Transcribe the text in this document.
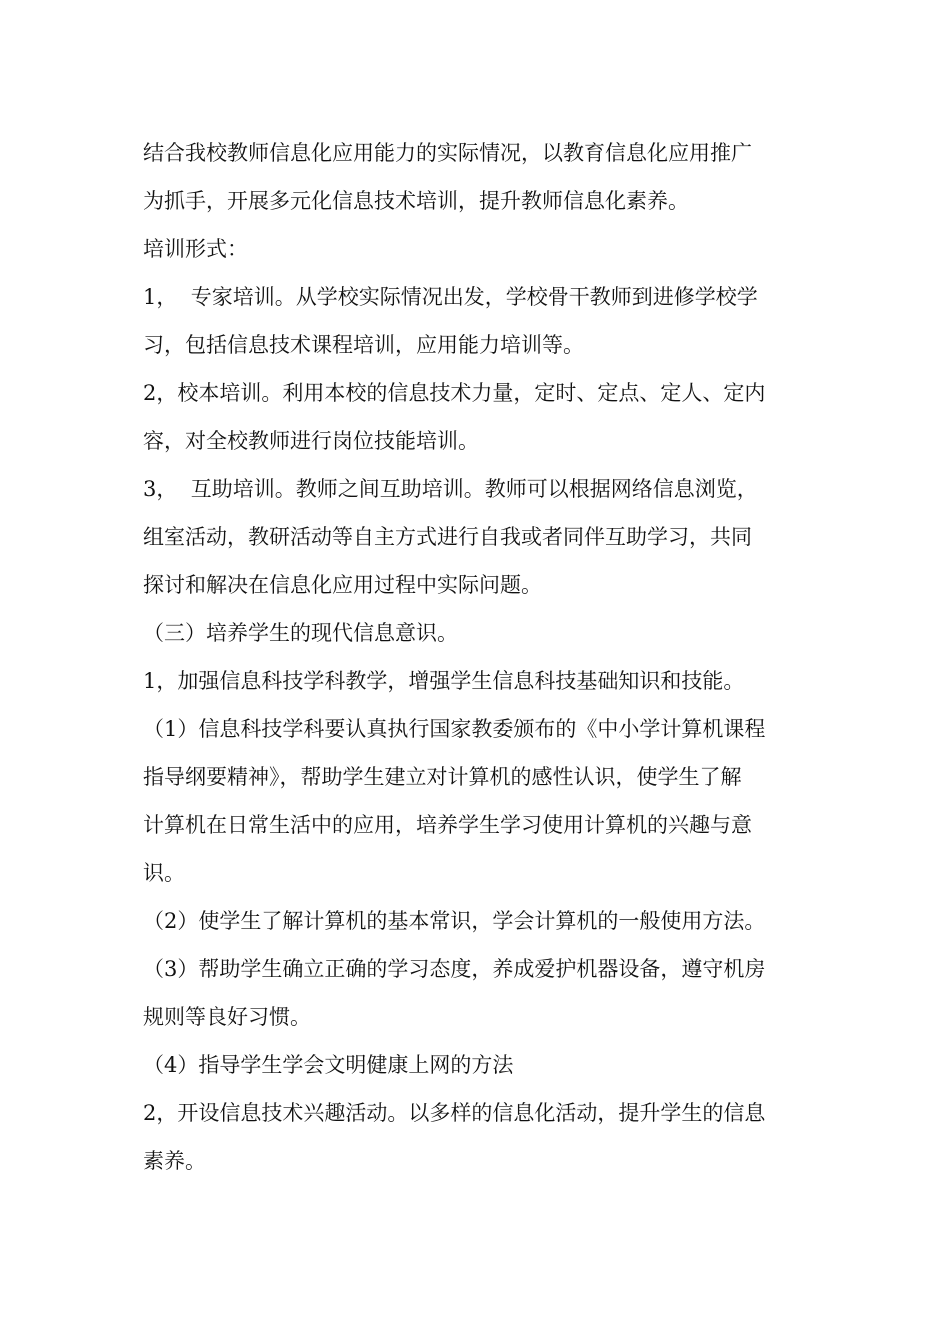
结合我校教师信息化应用能力的实际情况，以教育信息化应用推广
为抓手，开展多元化信息技术培训，提升教师信息化素养。
培训形式：
1，  专家培训。从学校实际情况出发，学校骨干教师到进修学校学
习，包括信息技术课程培训，应用能力培训等。
2，校本培训。利用本校的信息技术力量，定时、定点、定人、定内
容，对全校教师进行岗位技能培训。
3，  互助培训。教师之间互助培训。教师可以根据网络信息浏览，
组室活动，教研活动等自主方式进行自我或者同伴互助学习，共同
探讨和解决在信息化应用过程中实际问题。
（三）培养学生的现代信息意识。
1，加强信息科技学科教学，增强学生信息科技基础知识和技能。
（1）信息科技学科要认真执行国家教委颁布的《中小学计算机课程
指导纲要精神》，帮助学生建立对计算机的感性认识，使学生了解
计算机在日常生活中的应用，培养学生学习使用计算机的兴趣与意
识。
（2）使学生了解计算机的基本常识，学会计算机的一般使用方法。
（3）帮助学生确立正确的学习态度，养成爱护机器设备，遵守机房
规则等良好习惯。
（4）指导学生学会文明健康上网的方法
2，开设信息技术兴趣活动。以多样的信息化活动，提升学生的信息
素养。
